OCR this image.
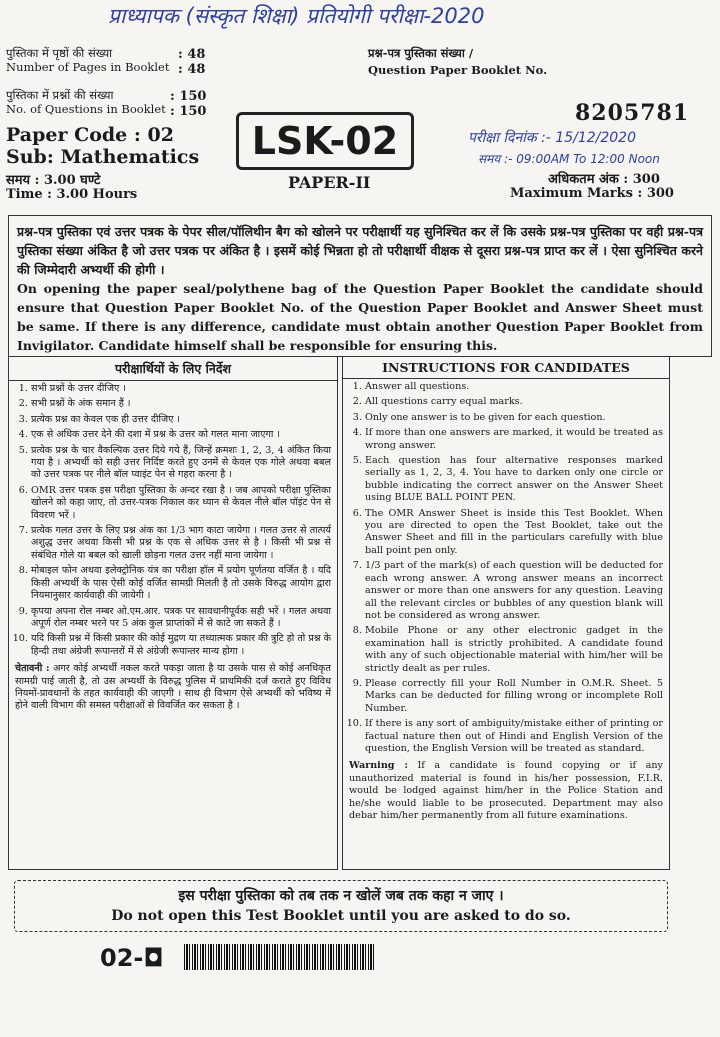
प्राध्यापक (संस्कृत शिक्षा) प्रतियोगी परीक्षा-2020
पुस्तिका में पृष्ठों की संख्या
Number of Pages in Booklet
: 48
: 48
पुस्तिका में प्रश्नों की संख्या
No. of Questions in Booklet
: 150
: 150
Paper Code : 02
Sub: Mathematics
समय : 3.00 घण्टे
Time : 3.00 Hours
LSK-02
PAPER-II
प्रश्न-पत्र पुस्तिका संख्या /
Question Paper Booklet No.
8205781
परीक्षा दिनांक :- 15/12/2020
समय :- 09:00AM To 12:00 Noon
अधिकतम अंक : 300
Maximum Marks : 300
प्रश्न-पत्र पुस्तिका एवं उत्तर पत्रक के पेपर सील/पॉलिथीन बैग को खोलने पर परीक्षार्थी यह सुनिश्चित कर लें कि उसके प्रश्न-पत्र पुस्तिका पर वही प्रश्न-पत्र पुस्तिका संख्या अंकित है जो उत्तर पत्रक पर अंकित है । इसमें कोई भिन्नता हो तो परीक्षार्थी वीक्षक से दूसरा प्रश्न-पत्र प्राप्त कर लें । ऐसा सुनिश्चित करने की जिम्मेदारी अभ्यर्थी की होगी ।
On opening the paper seal/polythene bag of the Question Paper Booklet the candidate should ensure that Question Paper Booklet No. of the Question Paper Booklet and Answer Sheet must be same. If there is any difference, candidate must obtain another Question Paper Booklet from Invigilator. Candidate himself shall be responsible for ensuring this.
परीक्षार्थियों के लिए निर्देश
1. सभी प्रश्नों के उत्तर दीजिए ।
2. सभी प्रश्नों के अंक समान हैं ।
3. प्रत्येक प्रश्न का केवल एक ही उत्तर दीजिए ।
4. एक से अधिक उत्तर देने की दशा में प्रश्न के उत्तर को गलत माना जाएगा ।
5. प्रत्येक प्रश्न के चार वैकल्पिक उत्तर दिये गये हैं, जिन्हें क्रमशः 1, 2, 3, 4 अंकित किया गया है । अभ्यर्थी को सही उत्तर निर्दिष्ट करते हुए उनमें से केवल एक गोले अथवा बबल को उत्तर पत्रक पर नीले बॉल प्वाइंट पेन से गहरा करना है ।
6. OMR उत्तर पत्रक इस परीक्षा पुस्तिका के अन्दर रखा है । जब आपको परीक्षा पुस्तिका खोलने को कहा जाए, तो उत्तर-पत्रक निकाल कर ध्यान से केवल नीले बॉल पॉइंट पेन से विवरण भरें ।
7. प्रत्येक गलत उत्तर के लिए प्रश्न अंक का 1/3 भाग काटा जायेगा । गलत उत्तर से तात्पर्य अशुद्ध उत्तर अथवा किसी भी प्रश्न के एक से अधिक उत्तर से है । किसी भी प्रश्न से संबंधित गोले या बबल को खाली छोड़ना गलत उत्तर नहीं माना जायेगा ।
8. मोबाइल फोन अथवा इलेक्ट्रोनिक यंत्र का परीक्षा हॉल में प्रयोग पूर्णतया वर्जित है । यदि किसी अभ्यर्थी के पास ऐसी कोई वर्जित सामग्री मिलती है तो उसके विरुद्ध आयोग द्वारा नियमानुसार कार्यवाही की जायेगी ।
9. कृपया अपना रोल नम्बर ओ.एम.आर. पत्रक पर सावधानीपूर्वक सही भरें । गलत अथवा अपूर्ण रोल नम्बर भरने पर 5 अंक कुल प्राप्तांकों में से काटे जा सकते हैं ।
10. यदि किसी प्रश्न में किसी प्रकार की कोई मुद्रण या तथ्यात्मक प्रकार की त्रुटि हो तो प्रश्न के हिन्दी तथा अंग्रेजी रूपान्तरों में से अंग्रेजी रूपान्तर मान्य होगा ।
चेतावनी : अगर कोई अभ्यर्थी नकल करते पकड़ा जाता है या उसके पास से कोई अनधिकृत सामग्री पाई जाती है, तो उस अभ्यर्थी के विरुद्ध पुलिस में प्राथमिकी दर्ज कराते हुए विविध नियमों-प्रावधानों के तहत कार्यवाही की जाएगी । साथ ही विभाग ऐसे अभ्यर्थी को भविष्य में होने वाली विभाग की समस्त परीक्षाओं से विवर्जित कर सकता है ।
INSTRUCTIONS FOR CANDIDATES
1. Answer all questions.
2. All questions carry equal marks.
3. Only one answer is to be given for each question.
4. If more than one answers are marked, it would be treated as wrong answer.
5. Each question has four alternative responses marked serially as 1, 2, 3, 4. You have to darken only one circle or bubble indicating the correct answer on the Answer Sheet using BLUE BALL POINT PEN.
6. The OMR Answer Sheet is inside this Test Booklet. When you are directed to open the Test Booklet, take out the Answer Sheet and fill in the particulars carefully with blue ball point pen only.
7. 1/3 part of the mark(s) of each question will be deducted for each wrong answer. A wrong answer means an incorrect answer or more than one answers for any question. Leaving all the relevant circles or bubbles of any question blank will not be considered as wrong answer.
8. Mobile Phone or any other electronic gadget in the examination hall is strictly prohibited. A candidate found with any of such objectionable material with him/her will be strictly dealt as per rules.
9. Please correctly fill your Roll Number in O.M.R. Sheet. 5 Marks can be deducted for filling wrong or incomplete Roll Number.
10. If there is any sort of ambiguity/mistake either of printing or factual nature then out of Hindi and English Version of the question, the English Version will be treated as standard.
Warning : If a candidate is found copying or if any unauthorized material is found in his/her possession, F.I.R. would be lodged against him/her in the Police Station and he/she would liable to be prosecuted. Department may also debar him/her permanently from all future examinations.
इस परीक्षा पुस्तिका को तब तक न खोलें जब तक कहा न जाए ।
Do not open this Test Booklet until you are asked to do so.
02-◘
